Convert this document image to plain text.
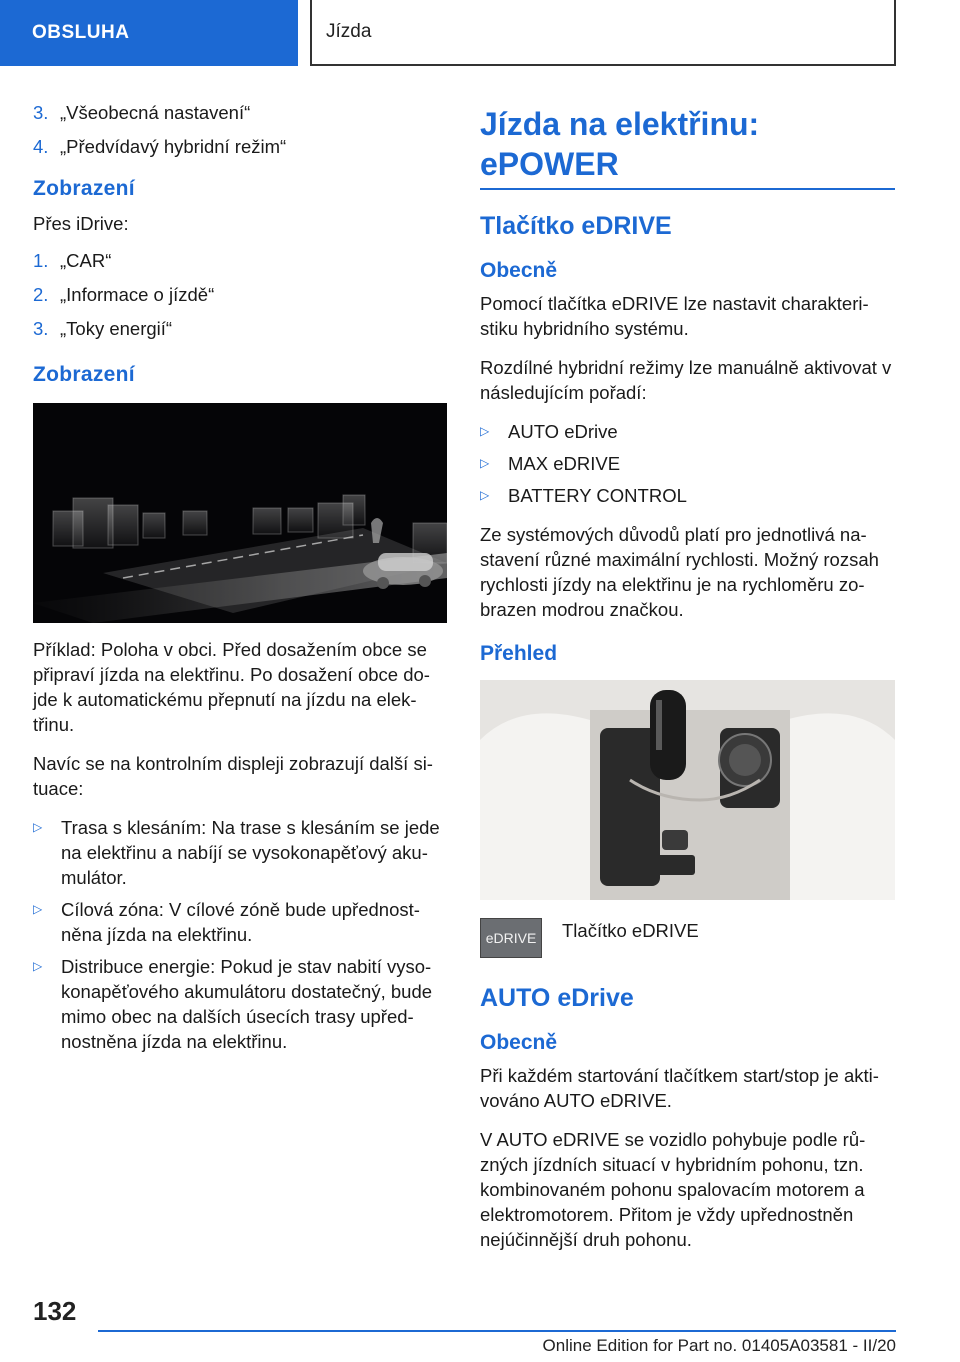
OBSLUHA	Jízda
3. „Všeobecná nastavení“
4. „Předvídavý hybridní režim“
Zobrazení

Přes iDrive:

1. „CAR“
2. „Informace o jízdě“
3. „Toky energií“
Zobrazení

Příklad: Poloha v obci. Před dosažením obce se připraví jízda na elektřinu. Po dosažení obce do- jde k automatickému přepnutí na jízdu na elek- třinu.

Navíc se na kontrolním displeji zobrazují další si- tuace:

▷	Trasa s klesáním: Na trase s klesáním se jede na elektřinu a nabíjí se vysokonapěťový aku- mulátor.
▷	Cílová zóna: V cílové zóně bude upřednost- něna jízda na elektřinu.
▷	Distribuce energie: Pokud je stav nabití vyso- konapěťového akumulátoru dostatečný, bude mimo obec na dalších úsecích trasy upřed- nostněna jízda na elektřinu.
Jízda na elektřinu:
ePOWER
Tlačítko eDRIVE
Obecně

Pomocí tlačítka eDRIVE lze nastavit charakteri- stiku hybridního systému.

Rozdílné hybridní režimy lze manuálně aktivovat v následujícím pořadí:

▷	AUTO eDrive
▷	MAX eDRIVE
▷	BATTERY CONTROL

Ze systémových důvodů platí pro jednotlivá na- stavení různé maximální rychlosti. Možný rozsah rychlosti jízdy na elektřinu je na rychloměru zo- brazen modrou značkou.

Přehled
eDRIVE	Tlačítko eDRIVE
AUTO eDrive
Obecně

Při každém startování tlačítkem start/stop je akti- vováno AUTO eDRIVE.

V AUTO eDRIVE se vozidlo pohybuje podle rů- zných jízdních situací v hybridním pohonu, tzn. kombinovaném pohonu spalovacím motorem a elektromotorem. Přitom je vždy upřednostněn nejúčinnější druh pohonu.

132
Online Edition for Part no. 01405A03581 - II/20
